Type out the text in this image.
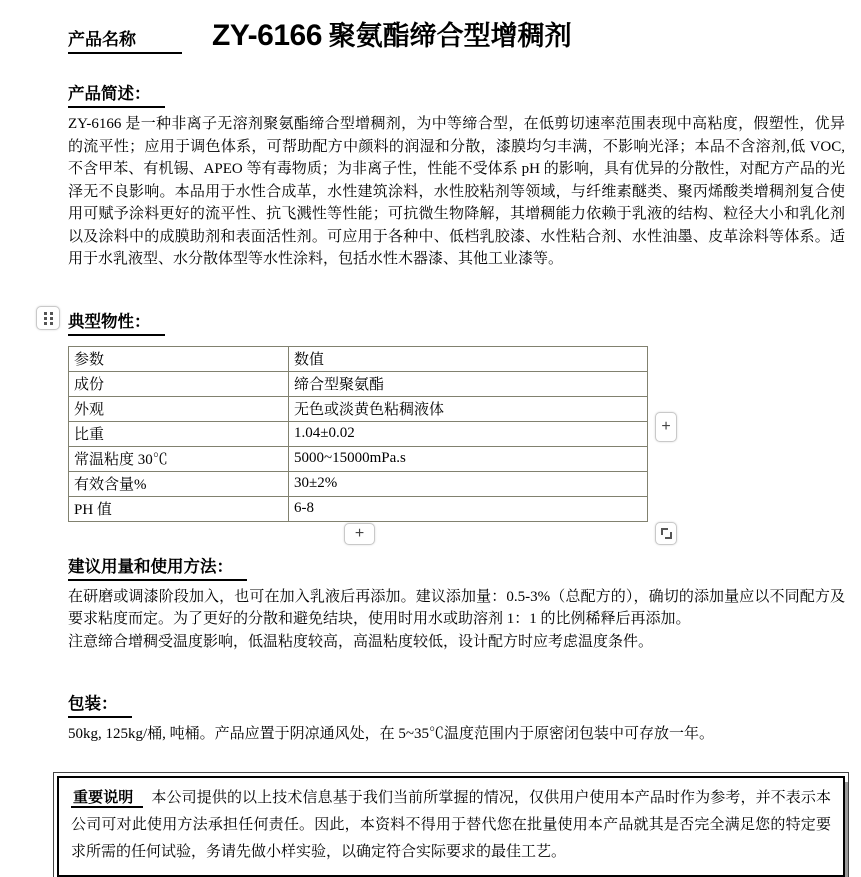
产品名称	ZY-6166 聚氨酯缔合型增稠剂
产品简述：

ZY-6166 是一种非离子无溶剂聚氨酯缔合型增稠剂，为中等缔合型，在低剪切速率范围表现中高粘度，假塑性，优异的流平性；应用于调色体系，可帮助配方中颜料的润湿和分散，漆膜均匀丰满，不影响光泽；本品不含溶剂,低 VOC,不含甲苯、有机锡、APEO 等有毒物质；为非离子性，性能不受体系 pH 的影响，具有优异的分散性，对配方产品的光泽无不良影响。本品用于水性合成革，水性建筑涂料，水性胶粘剂等领域，与纤维素醚类、聚丙烯酸类增稠剂复合使用可赋予涂料更好的流平性、抗飞溅性等性能；可抗微生物降解，其增稠能力依赖于乳液的结构、粒径大小和乳化剂以及涂料中的成膜助剂和表面活性剂。可应用于各种中、低档乳胶漆、水性粘合剂、水性油墨、皮革涂料等体系。适用于水乳液型、水分散体型等水性涂料，包括水性木器漆、其他工业漆等。

典型物性：
参数	数值
成份	缔合型聚氨酯
外观	无色或淡黄色粘稠液体
比重	1.04±0.02
常温粘度 30℃	5000~15000mPa.s
有效含量%	30±2%
PH 值	6-8
建议用量和使用方法：

在研磨或调漆阶段加入，也可在加入乳液后再添加。建议添加量：0.5-3%（总配方的），确切的添加量应以不同配方及要求粘度而定。为了更好的分散和避免结块，使用时用水或助溶剂 1：1 的比例稀释后再添加。

注意缔合增稠受温度影响，低温粘度较高，高温粘度较低，设计配方时应考虑温度条件。

包装：

50kg, 125kg/桶, 吨桶。产品应置于阴凉通风处，在 5~35℃温度范围内于原密闭包装中可存放一年。

重要说明 本公司提供的以上技术信息基于我们当前所掌握的情况，仅供用户使用本产品时作为参考，并不表示本公司可对此使用方法承担任何责任。因此，本资料不得用于替代您在批量使用本产品就其是否完全满足您的特定要求所需的任何试验，务请先做小样实验，以确定符合实际要求的最佳工艺。

+
+
